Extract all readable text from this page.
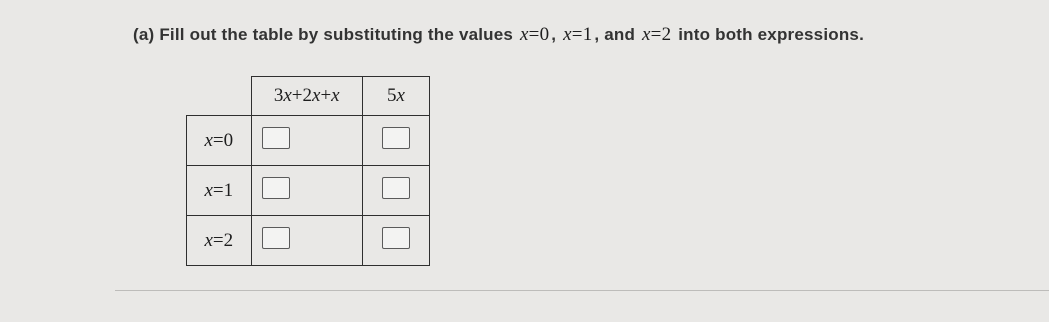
(a) Fill out the table by substituting the values x=0 , x=1 , and x=2 into both expressions.
	3x+2x+x	5x
x=0		
x=1		
x=2		
